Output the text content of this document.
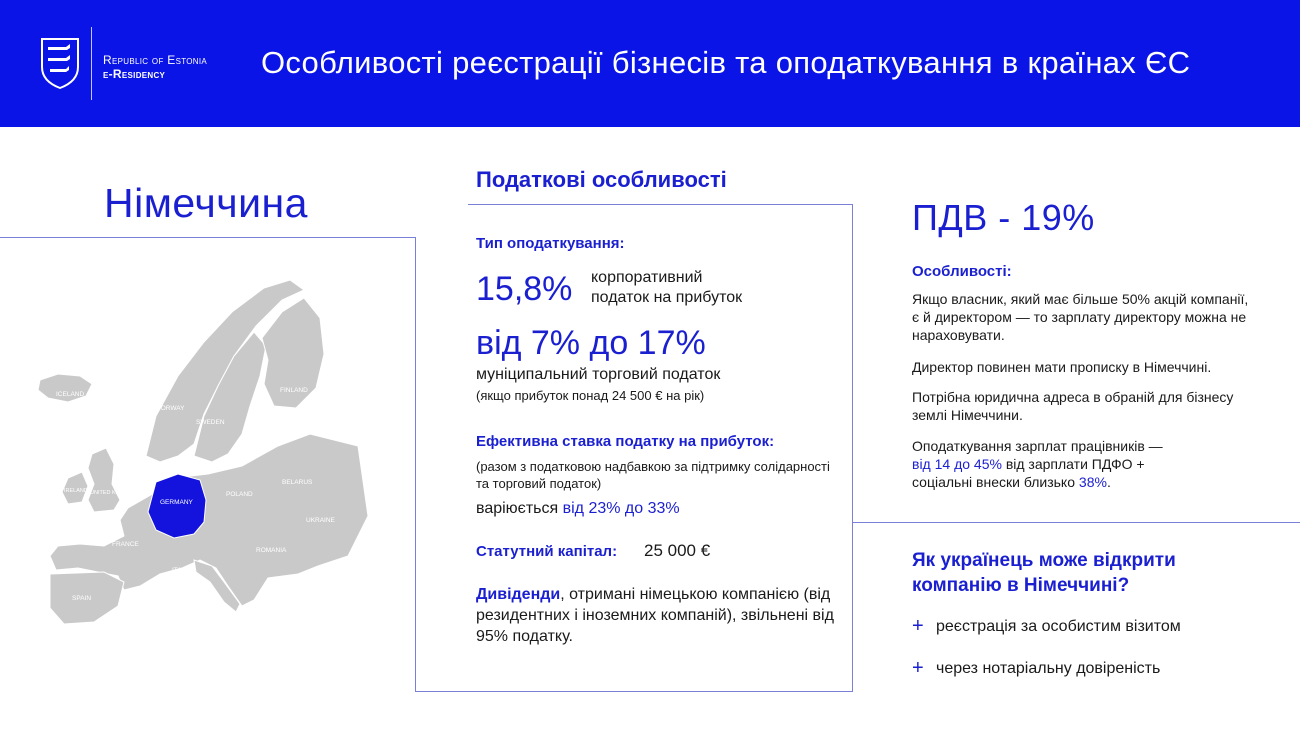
Republic of Estonia
e-Residency	Особливості реєстрації бізнесів та оподаткування в країнах ЄС
Німеччина
ICELAND
NORWAY
SWEDEN
FINLAND
UNITED KINGDOM
IRELAND
GERMANY
POLAND
BELARUS
UKRAINE
FRANCE
SPAIN
ITALY
ROMANIA
Податкові особливості
Тип оподаткування:
15,8% корпоративний
податок на прибуток
від 7% до 17%
муніципальний торговий податок
(якщо прибуток понад 24 500 € на рік)
Ефективна ставка податку на прибуток:
(разом з податковою надбавкою за підтримку солідарності та торговий податок)
варіюється від 23% до 33%
Статутний капітал: 25 000 €
Дивіденди, отримані німецькою компанією (від резидентних і іноземних компаній), звільнені від 95% податку.
ПДВ - 19%
Особливості:
Якщо власник, який має більше 50% акцій компанії, є й директором — то зарплату директору можна не нараховувати.
Директор повинен мати прописку в Німеччині.
Потрібна юридична адреса в обраній для бізнесу землі Німеччини.
Оподаткування зарплат працівників —
від 14 до 45% від зарплати ПДФО +
соціальні внески близько 38%.
Як українець може відкрити компанію в Німеччині?
+ реєстрація за особистим візитом
+ через нотаріальну довіреність
